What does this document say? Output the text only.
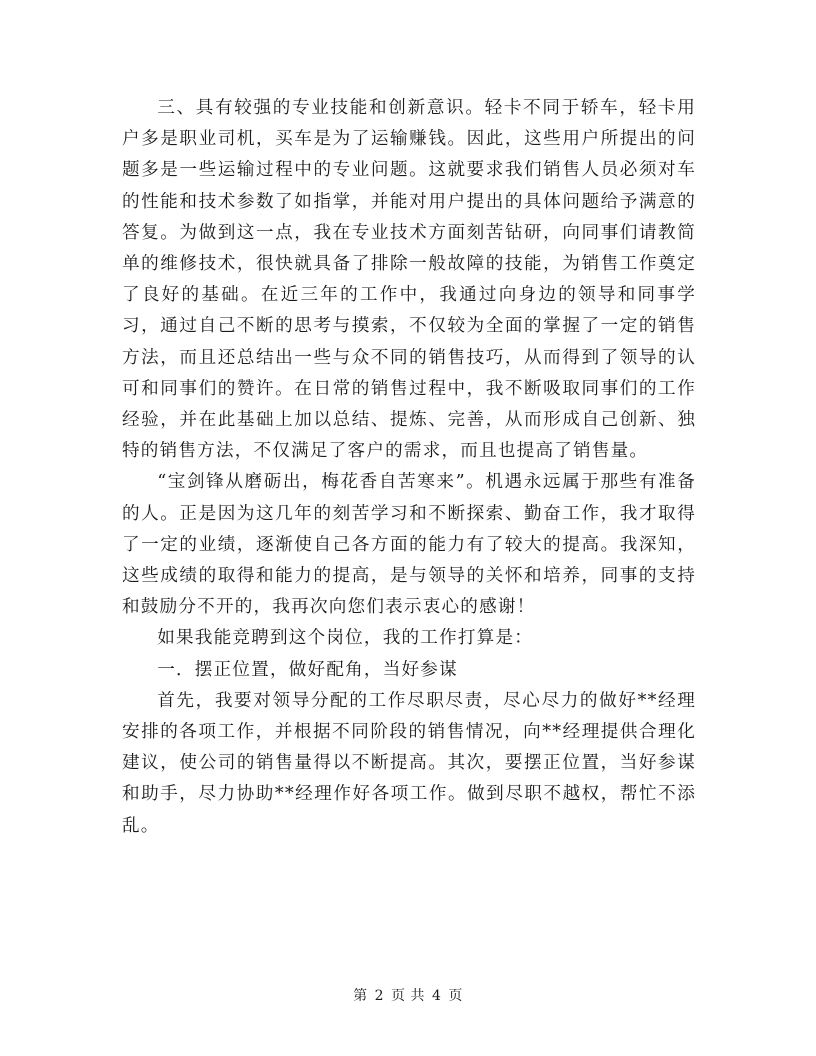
三、具有较强的专业技能和创新意识。轻卡不同于轿车，轻卡用户多是职业司机，买车是为了运输赚钱。因此，这些用户所提出的问题多是一些运输过程中的专业问题。这就要求我们销售人员必须对车的性能和技术参数了如指掌，并能对用户提出的具体问题给予满意的答复。为做到这一点，我在专业技术方面刻苦钻研，向同事们请教简单的维修技术，很快就具备了排除一般故障的技能，为销售工作奠定了良好的基础。在近三年的工作中，我通过向身边的领导和同事学习，通过自己不断的思考与摸索，不仅较为全面的掌握了一定的销售方法，而且还总结出一些与众不同的销售技巧，从而得到了领导的认可和同事们的赞许。在日常的销售过程中，我不断吸取同事们的工作经验，并在此基础上加以总结、提炼、完善，从而形成自己创新、独特的销售方法，不仅满足了客户的需求，而且也提高了销售量。

“宝剑锋从磨砺出，梅花香自苦寒来”。机遇永远属于那些有准备的人。正是因为这几年的刻苦学习和不断探索、勤奋工作，我才取得了一定的业绩，逐渐使自己各方面的能力有了较大的提高。我深知，这些成绩的取得和能力的提高，是与领导的关怀和培养，同事的支持和鼓励分不开的，我再次向您们表示衷心的感谢！

如果我能竞聘到这个岗位，我的工作打算是：

一．摆正位置，做好配角，当好参谋

首先，我要对领导分配的工作尽职尽责，尽心尽力的做好**经理安排的各项工作，并根据不同阶段的销售情况，向**经理提供合理化建议，使公司的销售量得以不断提高。其次，要摆正位置，当好参谋和助手，尽力协助**经理作好各项工作。做到尽职不越权，帮忙不添乱。

第 2 页 共 4 页
